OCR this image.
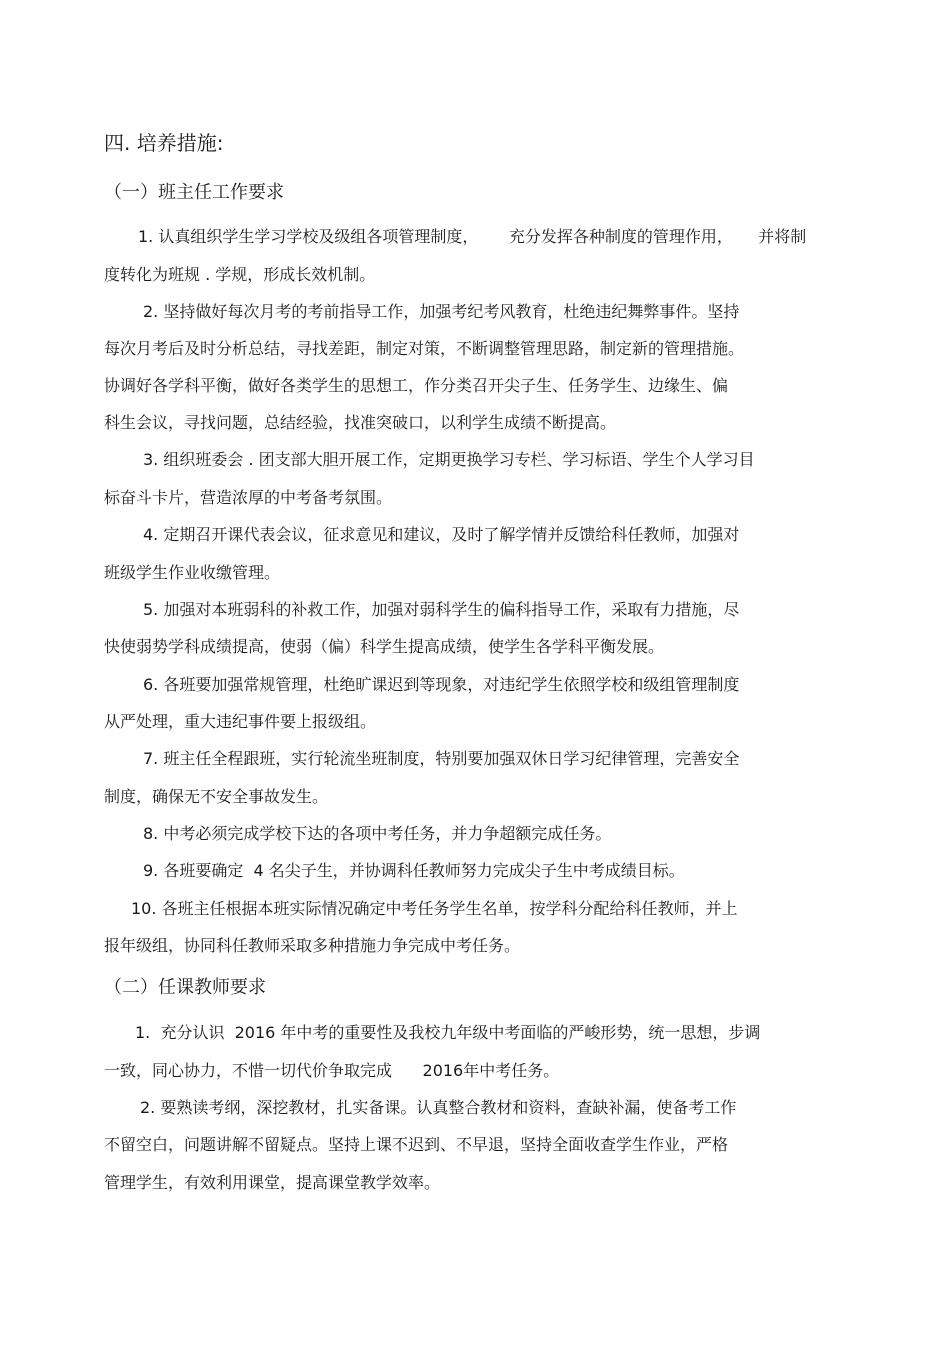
四. 培养措施:
（一）班主任工作要求
1. 认真组织学生学习学校及级组各项管理制度，      充分发挥各种制度的管理作用，     并将制
度转化为班规 . 学规，形成长效机制。
2. 坚持做好每次月考的考前指导工作，加强考纪考风教育，杜绝违纪舞弊事件。坚持
每次月考后及时分析总结，寻找差距，制定对策，不断调整管理思路，制定新的管理措施。
协调好各学科平衡，做好各类学生的思想工，作分类召开尖子生、任务学生、边缘生、偏
科生会议，寻找问题，总结经验，找准突破口，以利学生成绩不断提高。
3. 组织班委会 . 团支部大胆开展工作，定期更换学习专栏、学习标语、学生个人学习目
标奋斗卡片，营造浓厚的中考备考氛围。
4. 定期召开课代表会议，征求意见和建议，及时了解学情并反馈给科任教师，加强对
班级学生作业收缴管理。
5. 加强对本班弱科的补救工作，加强对弱科学生的偏科指导工作，采取有力措施，尽
快使弱势学科成绩提高，使弱（偏）科学生提高成绩，使学生各学科平衡发展。
6. 各班要加强常规管理，杜绝旷课迟到等现象，对违纪学生依照学校和级组管理制度
从严处理，重大违纪事件要上报级组。
7. 班主任全程跟班，实行轮流坐班制度，特别要加强双休日学习纪律管理，完善安全
制度，确保无不安全事故发生。
8. 中考必须完成学校下达的各项中考任务，并力争超额完成任务。
9. 各班要确定  4 名尖子生，并协调科任教师努力完成尖子生中考成绩目标。
10. 各班主任根据本班实际情况确定中考任务学生名单，按学科分配给科任教师，并上
报年级组，协同科任教师采取多种措施力争完成中考任务。
（二）任课教师要求
1.  充分认识  2016 年中考的重要性及我校九年级中考面临的严峻形势，统一思想，步调
一致，同心协力，不惜一切代价争取完成      2016年中考任务。
2. 要熟读考纲，深挖教材，扎实备课。认真整合教材和资料，查缺补漏，使备考工作
不留空白，问题讲解不留疑点。坚持上课不迟到、不早退，坚持全面收查学生作业，严格
管理学生，有效利用课堂，提高课堂教学效率。
